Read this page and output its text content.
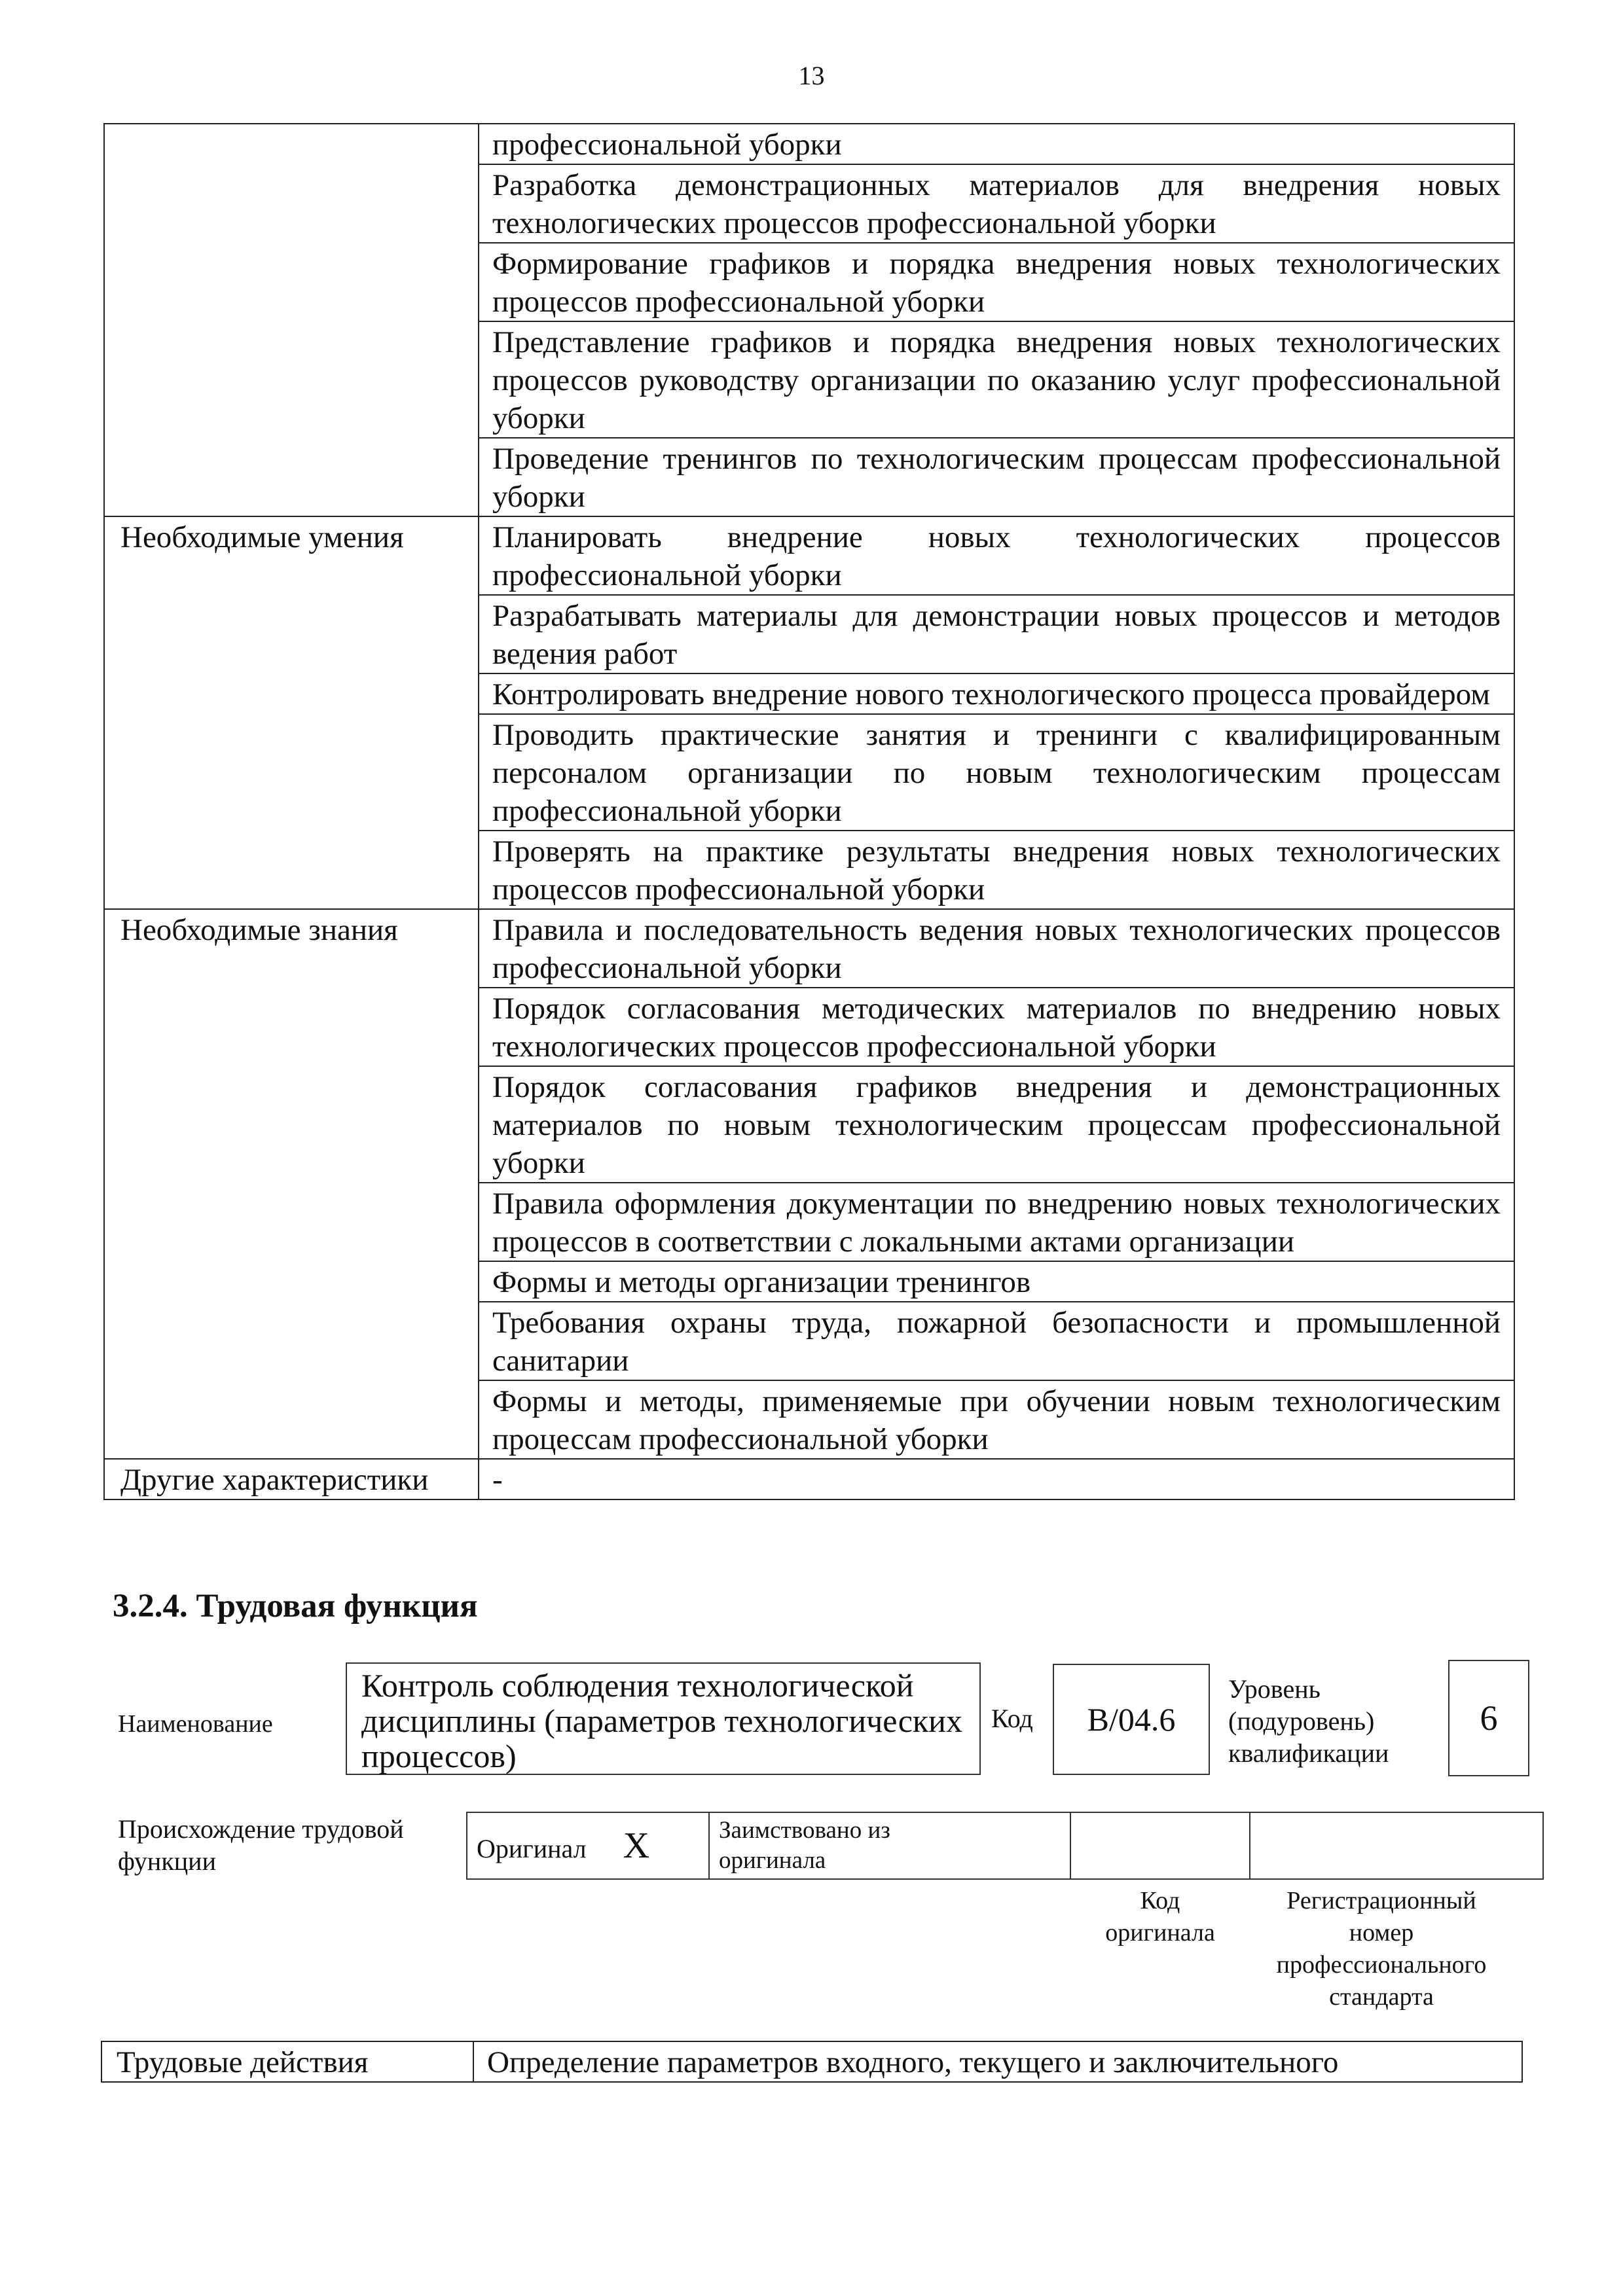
13
	профессиональной уборки
	Разработка демонстрационных материалов для внедрения новых технологических процессов профессиональной уборки
	Формирование графиков и порядка внедрения новых технологических процессов профессиональной уборки
	Представление графиков и порядка внедрения новых технологических процессов руководству организации по оказанию услуг профессиональной уборки
	Проведение тренингов по технологическим процессам профессиональной уборки
Необходимые умения	Планировать внедрение новых технологических процессов профессиональной уборки
	Разрабатывать материалы для демонстрации новых процессов и методов ведения работ
	Контролировать внедрение нового технологического процесса провайдером
	Проводить практические занятия и тренинги с квалифицированным персоналом организации по новым технологическим процессам профессиональной уборки
	Проверять на практике результаты внедрения новых технологических процессов профессиональной уборки
Необходимые знания	Правила и последовательность ведения новых технологических процессов профессиональной уборки
	Порядок согласования методических материалов по внедрению новых технологических процессов профессиональной уборки
	Порядок согласования графиков внедрения и демонстрационных материалов по новым технологическим процессам профессиональной уборки
	Правила оформления документации по внедрению новых технологических процессов в соответствии с локальными актами организации
	Формы и методы организации тренингов
	Требования охраны труда, пожарной безопасности и промышленной санитарии
	Формы и методы, применяемые при обучении новым технологическим процессам профессиональной уборки
Другие характеристики	-
3.2.4. Трудовая функция
Наименование
Контроль соблюдения технологической дисциплины (параметров технологических процессов)
Код	B/04.6
Уровень
(подуровень)
квалификации
6
Происхождение трудовой
функции	Оригинал X	Заимствовано из
оригинала

Код
оригинала
Регистрационный
номер
профессионального
стандарта
Трудовые действия	Определение параметров входного, текущего и заключительного
